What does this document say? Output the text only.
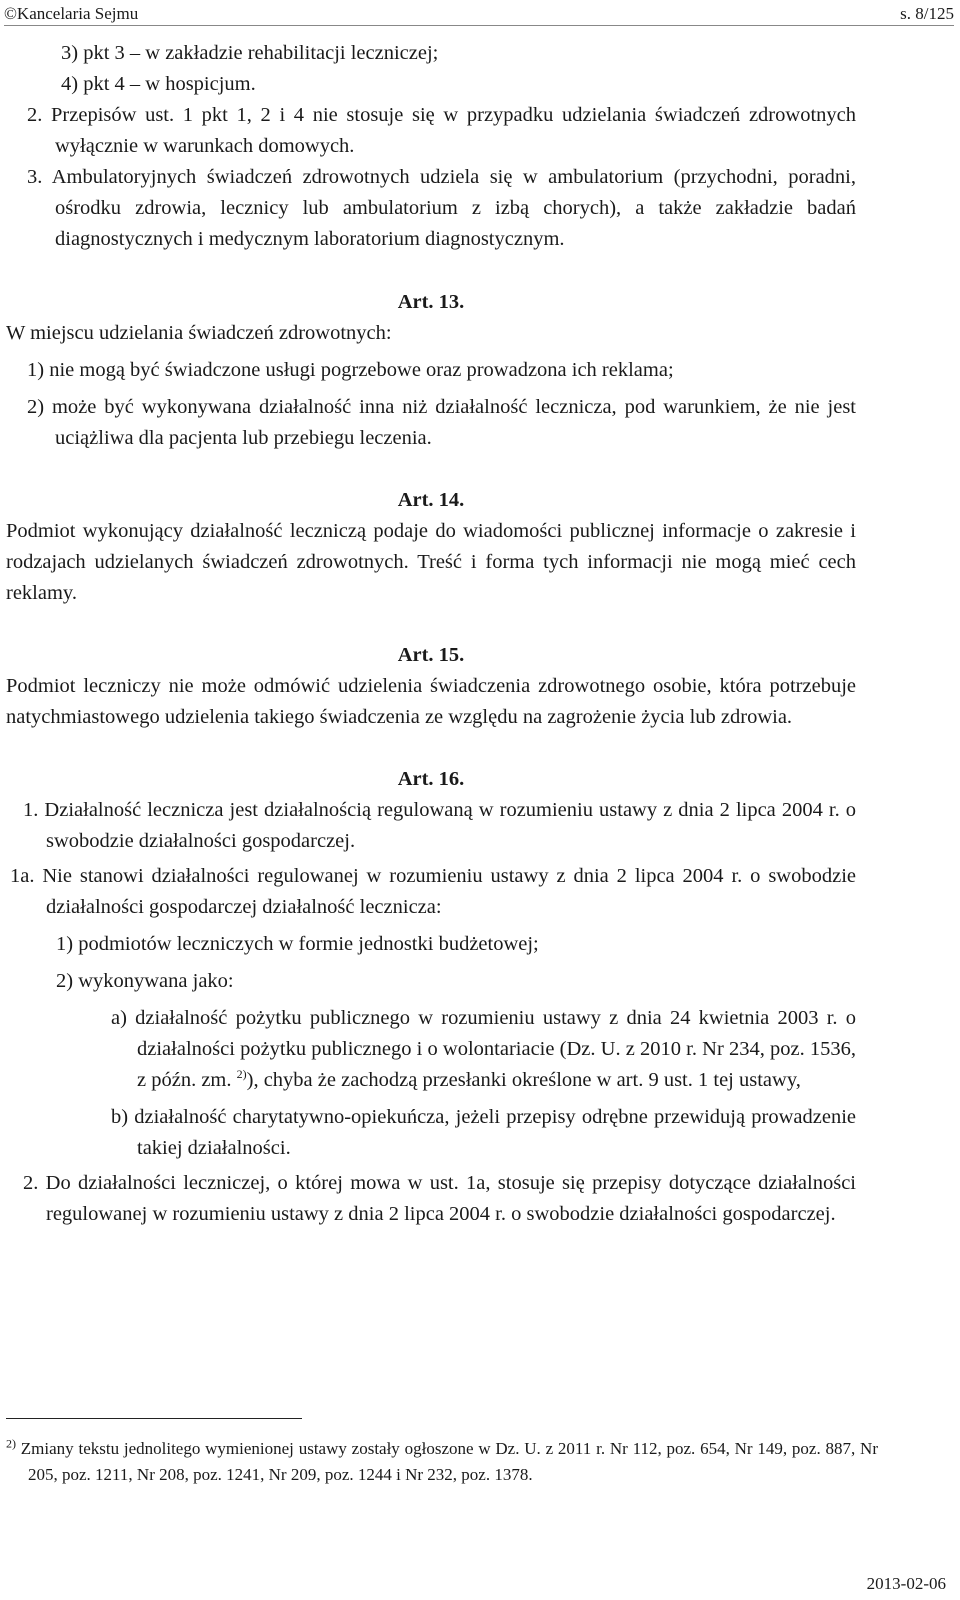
©Kancelaria Sejmu	s. 8/125

3) pkt 3 – w zakładzie rehabilitacji leczniczej;

4) pkt 4 – w hospicjum.

2. Przepisów ust. 1 pkt 1, 2 i 4 nie stosuje się w przypadku udzielania świadczeń zdrowotnych wyłącznie w warunkach domowych.

3. Ambulatoryjnych świadczeń zdrowotnych udziela się w ambulatorium (przychodni, poradni, ośrodku zdrowia, lecznicy lub ambulatorium z izbą chorych), a także zakładzie badań diagnostycznych i medycznym laboratorium diagnostycznym.

Art. 13.

W miejscu udzielania świadczeń zdrowotnych:

1) nie mogą być świadczone usługi pogrzebowe oraz prowadzona ich reklama;

2) może być wykonywana działalność inna niż działalność lecznicza, pod warunkiem, że nie jest uciążliwa dla pacjenta lub przebiegu leczenia.

Art. 14.

Podmiot wykonujący działalność leczniczą podaje do wiadomości publicznej informacje o zakresie i rodzajach udzielanych świadczeń zdrowotnych. Treść i forma tych informacji nie mogą mieć cech reklamy.

Art. 15.

Podmiot leczniczy nie może odmówić udzielenia świadczenia zdrowotnego osobie, która potrzebuje natychmiastowego udzielenia takiego świadczenia ze względu na zagrożenie życia lub zdrowia.

Art. 16.

1. Działalność lecznicza jest działalnością regulowaną w rozumieniu ustawy z dnia 2 lipca 2004 r. o swobodzie działalności gospodarczej.

1a. Nie stanowi działalności regulowanej w rozumieniu ustawy z dnia 2 lipca 2004 r. o swobodzie działalności gospodarczej działalność lecznicza:

1) podmiotów leczniczych w formie jednostki budżetowej;

2) wykonywana jako:

a) działalność pożytku publicznego w rozumieniu ustawy z dnia 24 kwietnia 2003 r. o działalności pożytku publicznego i o wolontariacie (Dz. U. z 2010 r. Nr 234, poz. 1536, z późn. zm. $^{2)}$), chyba że zachodzą przesłanki określone w art. 9 ust. 1 tej ustawy,

b) działalność charytatywno-opiekuńcza, jeżeli przepisy odrębne przewidują prowadzenie takiej działalności.

2. Do działalności leczniczej, o której mowa w ust. 1a, stosuje się przepisy dotyczące działalności regulowanej w rozumieniu ustawy z dnia 2 lipca 2004 r. o swobodzie działalności gospodarczej.

$^{2)}$ Zmiany tekstu jednolitego wymienionej ustawy zostały ogłoszone w Dz. U. z 2011 r. Nr 112, poz. 654, Nr 149, poz. 887, Nr 205, poz. 1211, Nr 208, poz. 1241, Nr 209, poz. 1244 i Nr 232, poz. 1378.

2013-02-06
